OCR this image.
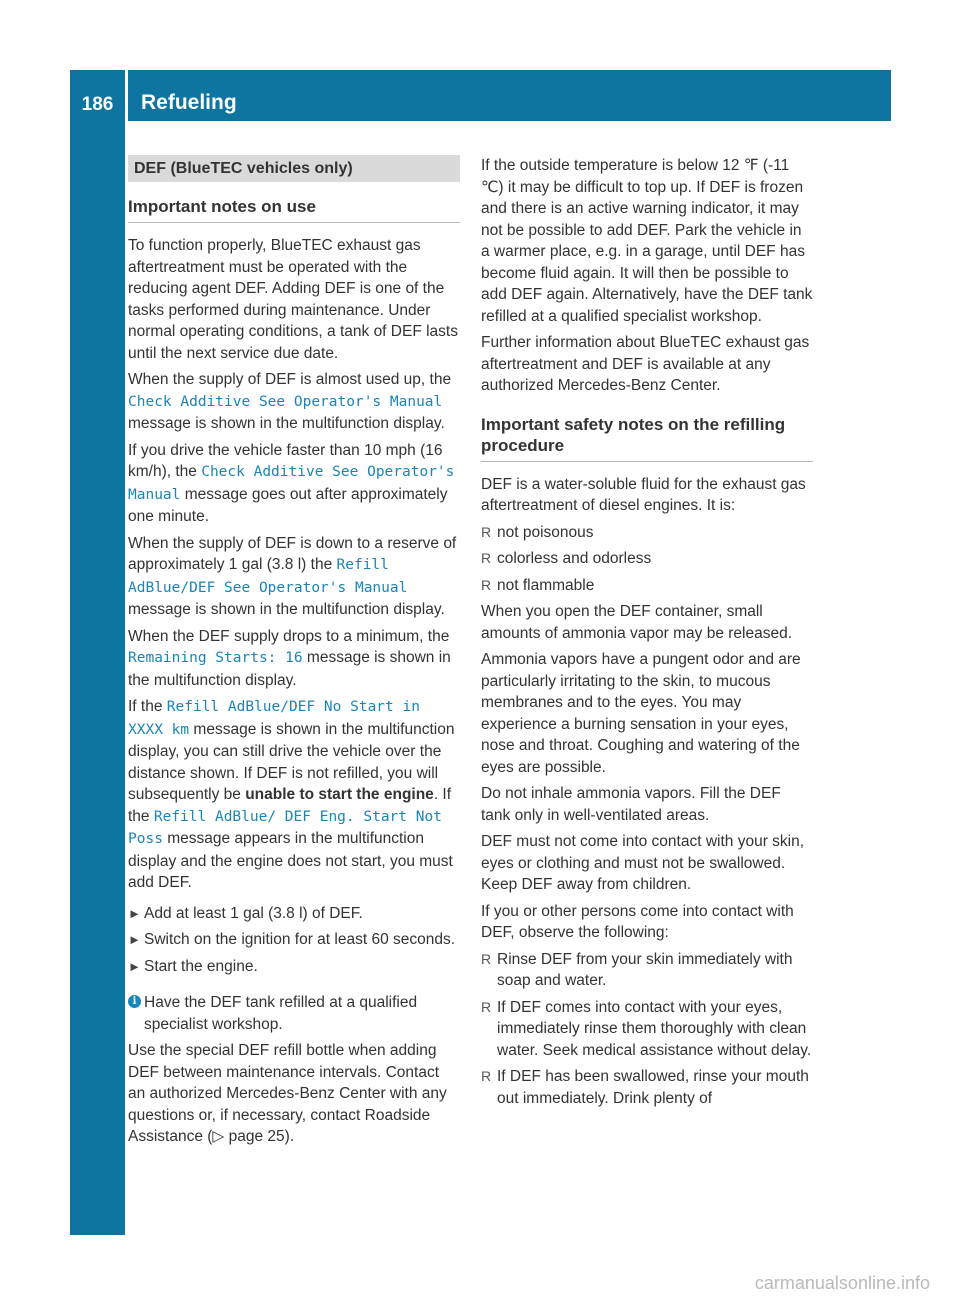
186	Refueling
Driving and parking
DEF (BlueTEC vehicles only)
Important notes on use

To function properly, BlueTEC exhaust gas aftertreatment must be operated with the reducing agent DEF. Adding DEF is one of the tasks performed during maintenance. Under normal operating conditions, a tank of DEF lasts until the next service due date.

When the supply of DEF is almost used up, the Check Additive See Operator's Manual message is shown in the multifunction display.

If you drive the vehicle faster than 10 mph (16 km/h), the Check Additive See Operator's Manual message goes out after approximately one minute.

When the supply of DEF is down to a reserve of approximately 1 gal (3.8 l) the Refill AdBlue/DEF See Operator's Manual message is shown in the multifunction display.

When the DEF supply drops to a minimum, the Remaining Starts: 16 message is shown in the multifunction display.

If the Refill AdBlue/DEF No Start in XXXX km message is shown in the multifunction display, you can still drive the vehicle over the distance shown. If DEF is not refilled, you will subsequently be unable to start the engine. If the Refill AdBlue/ DEF Eng. Start Not Poss message appears in the multifunction display and the engine does not start, you must add DEF.

► Add at least 1 gal (3.8 l) of DEF.
► Switch on the ignition for at least 60 seconds.
► Start the engine.
i Have the DEF tank refilled at a qualified specialist workshop.

Use the special DEF refill bottle when adding DEF between maintenance intervals. Contact an authorized Mercedes-Benz Center with any questions or, if necessary, contact Roadside Assistance (▷ page 25).

If the outside temperature is below 12 ℉ (-11 ℃) it may be difficult to top up. If DEF is frozen and there is an active warning indicator, it may not be possible to add DEF. Park the vehicle in a warmer place, e.g. in a garage, until DEF has become fluid again. It will then be possible to add DEF again. Alternatively, have the DEF tank refilled at a qualified specialist workshop.

Further information about BlueTEC exhaust gas aftertreatment and DEF is available at any authorized Mercedes-Benz Center.

Important safety notes on the refilling procedure

DEF is a water-soluble fluid for the exhaust gas aftertreatment of diesel engines. It is:

R not poisonous
R colorless and odorless
R not flammable

When you open the DEF container, small amounts of ammonia vapor may be released.

Ammonia vapors have a pungent odor and are particularly irritating to the skin, to mucous membranes and to the eyes. You may experience a burning sensation in your eyes, nose and throat. Coughing and watering of the eyes are possible.

Do not inhale ammonia vapors. Fill the DEF tank only in well-ventilated areas.

DEF must not come into contact with your skin, eyes or clothing and must not be swallowed. Keep DEF away from children.

If you or other persons come into contact with DEF, observe the following:

R Rinse DEF from your skin immediately with soap and water.
R If DEF comes into contact with your eyes, immediately rinse them thoroughly with clean water. Seek medical assistance without delay.
R If DEF has been swallowed, rinse your mouth out immediately. Drink plenty of
carmanualsonline.info
